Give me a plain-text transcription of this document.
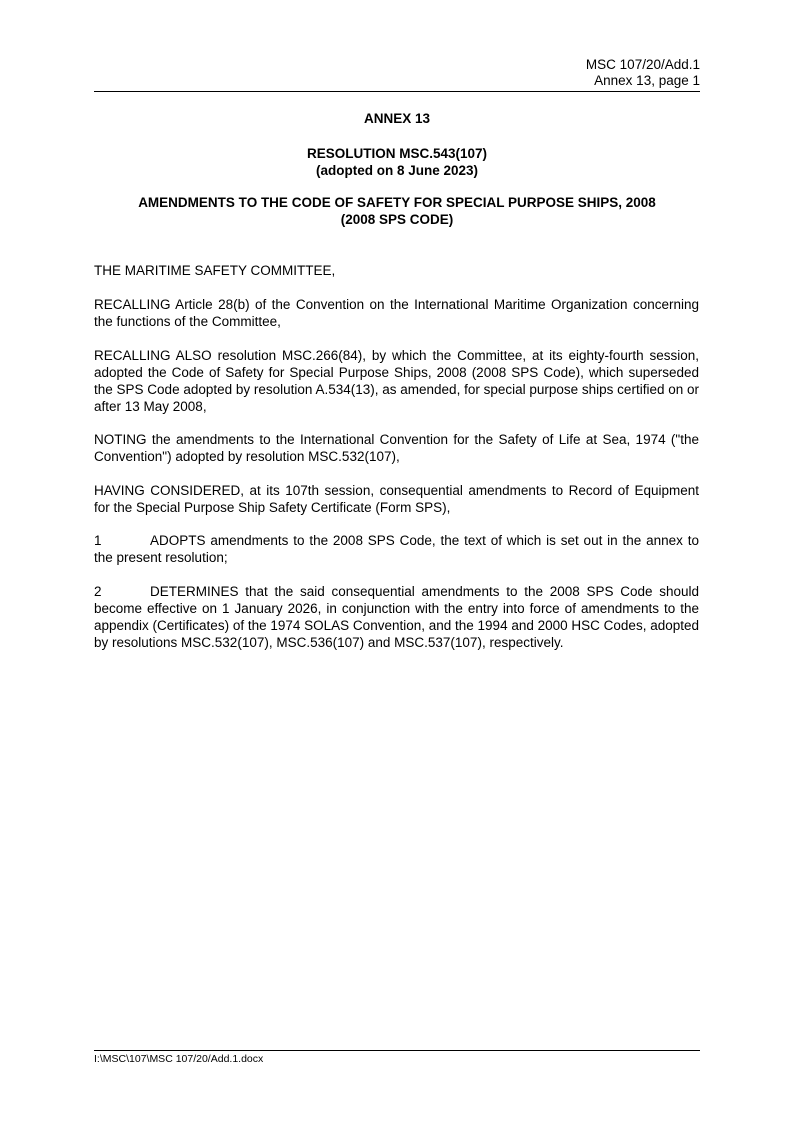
MSC 107/20/Add.1
Annex 13, page 1
ANNEX 13
RESOLUTION MSC.543(107)
(adopted on 8 June 2023)
AMENDMENTS TO THE CODE OF SAFETY FOR SPECIAL PURPOSE SHIPS, 2008
(2008 SPS CODE)
THE MARITIME SAFETY COMMITTEE,
RECALLING Article 28(b) of the Convention on the International Maritime Organization concerning the functions of the Committee,
RECALLING ALSO resolution MSC.266(84), by which the Committee, at its eighty-fourth session, adopted the Code of Safety for Special Purpose Ships, 2008 (2008 SPS Code), which superseded the SPS Code adopted by resolution A.534(13), as amended, for special purpose ships certified on or after 13 May 2008,
NOTING the amendments to the International Convention for the Safety of Life at Sea, 1974 ("the Convention") adopted by resolution MSC.532(107),
HAVING CONSIDERED, at its 107th session, consequential amendments to Record of Equipment for the Special Purpose Ship Safety Certificate (Form SPS),
1	ADOPTS amendments to the 2008 SPS Code, the text of which is set out in the annex to the present resolution;
2	DETERMINES that the said consequential amendments to the 2008 SPS Code should become effective on 1 January 2026, in conjunction with the entry into force of amendments to the appendix (Certificates) of the 1974 SOLAS Convention, and the 1994 and 2000 HSC Codes, adopted by resolutions MSC.532(107), MSC.536(107) and MSC.537(107), respectively.
I:\MSC\107\MSC 107/20/Add.1.docx
